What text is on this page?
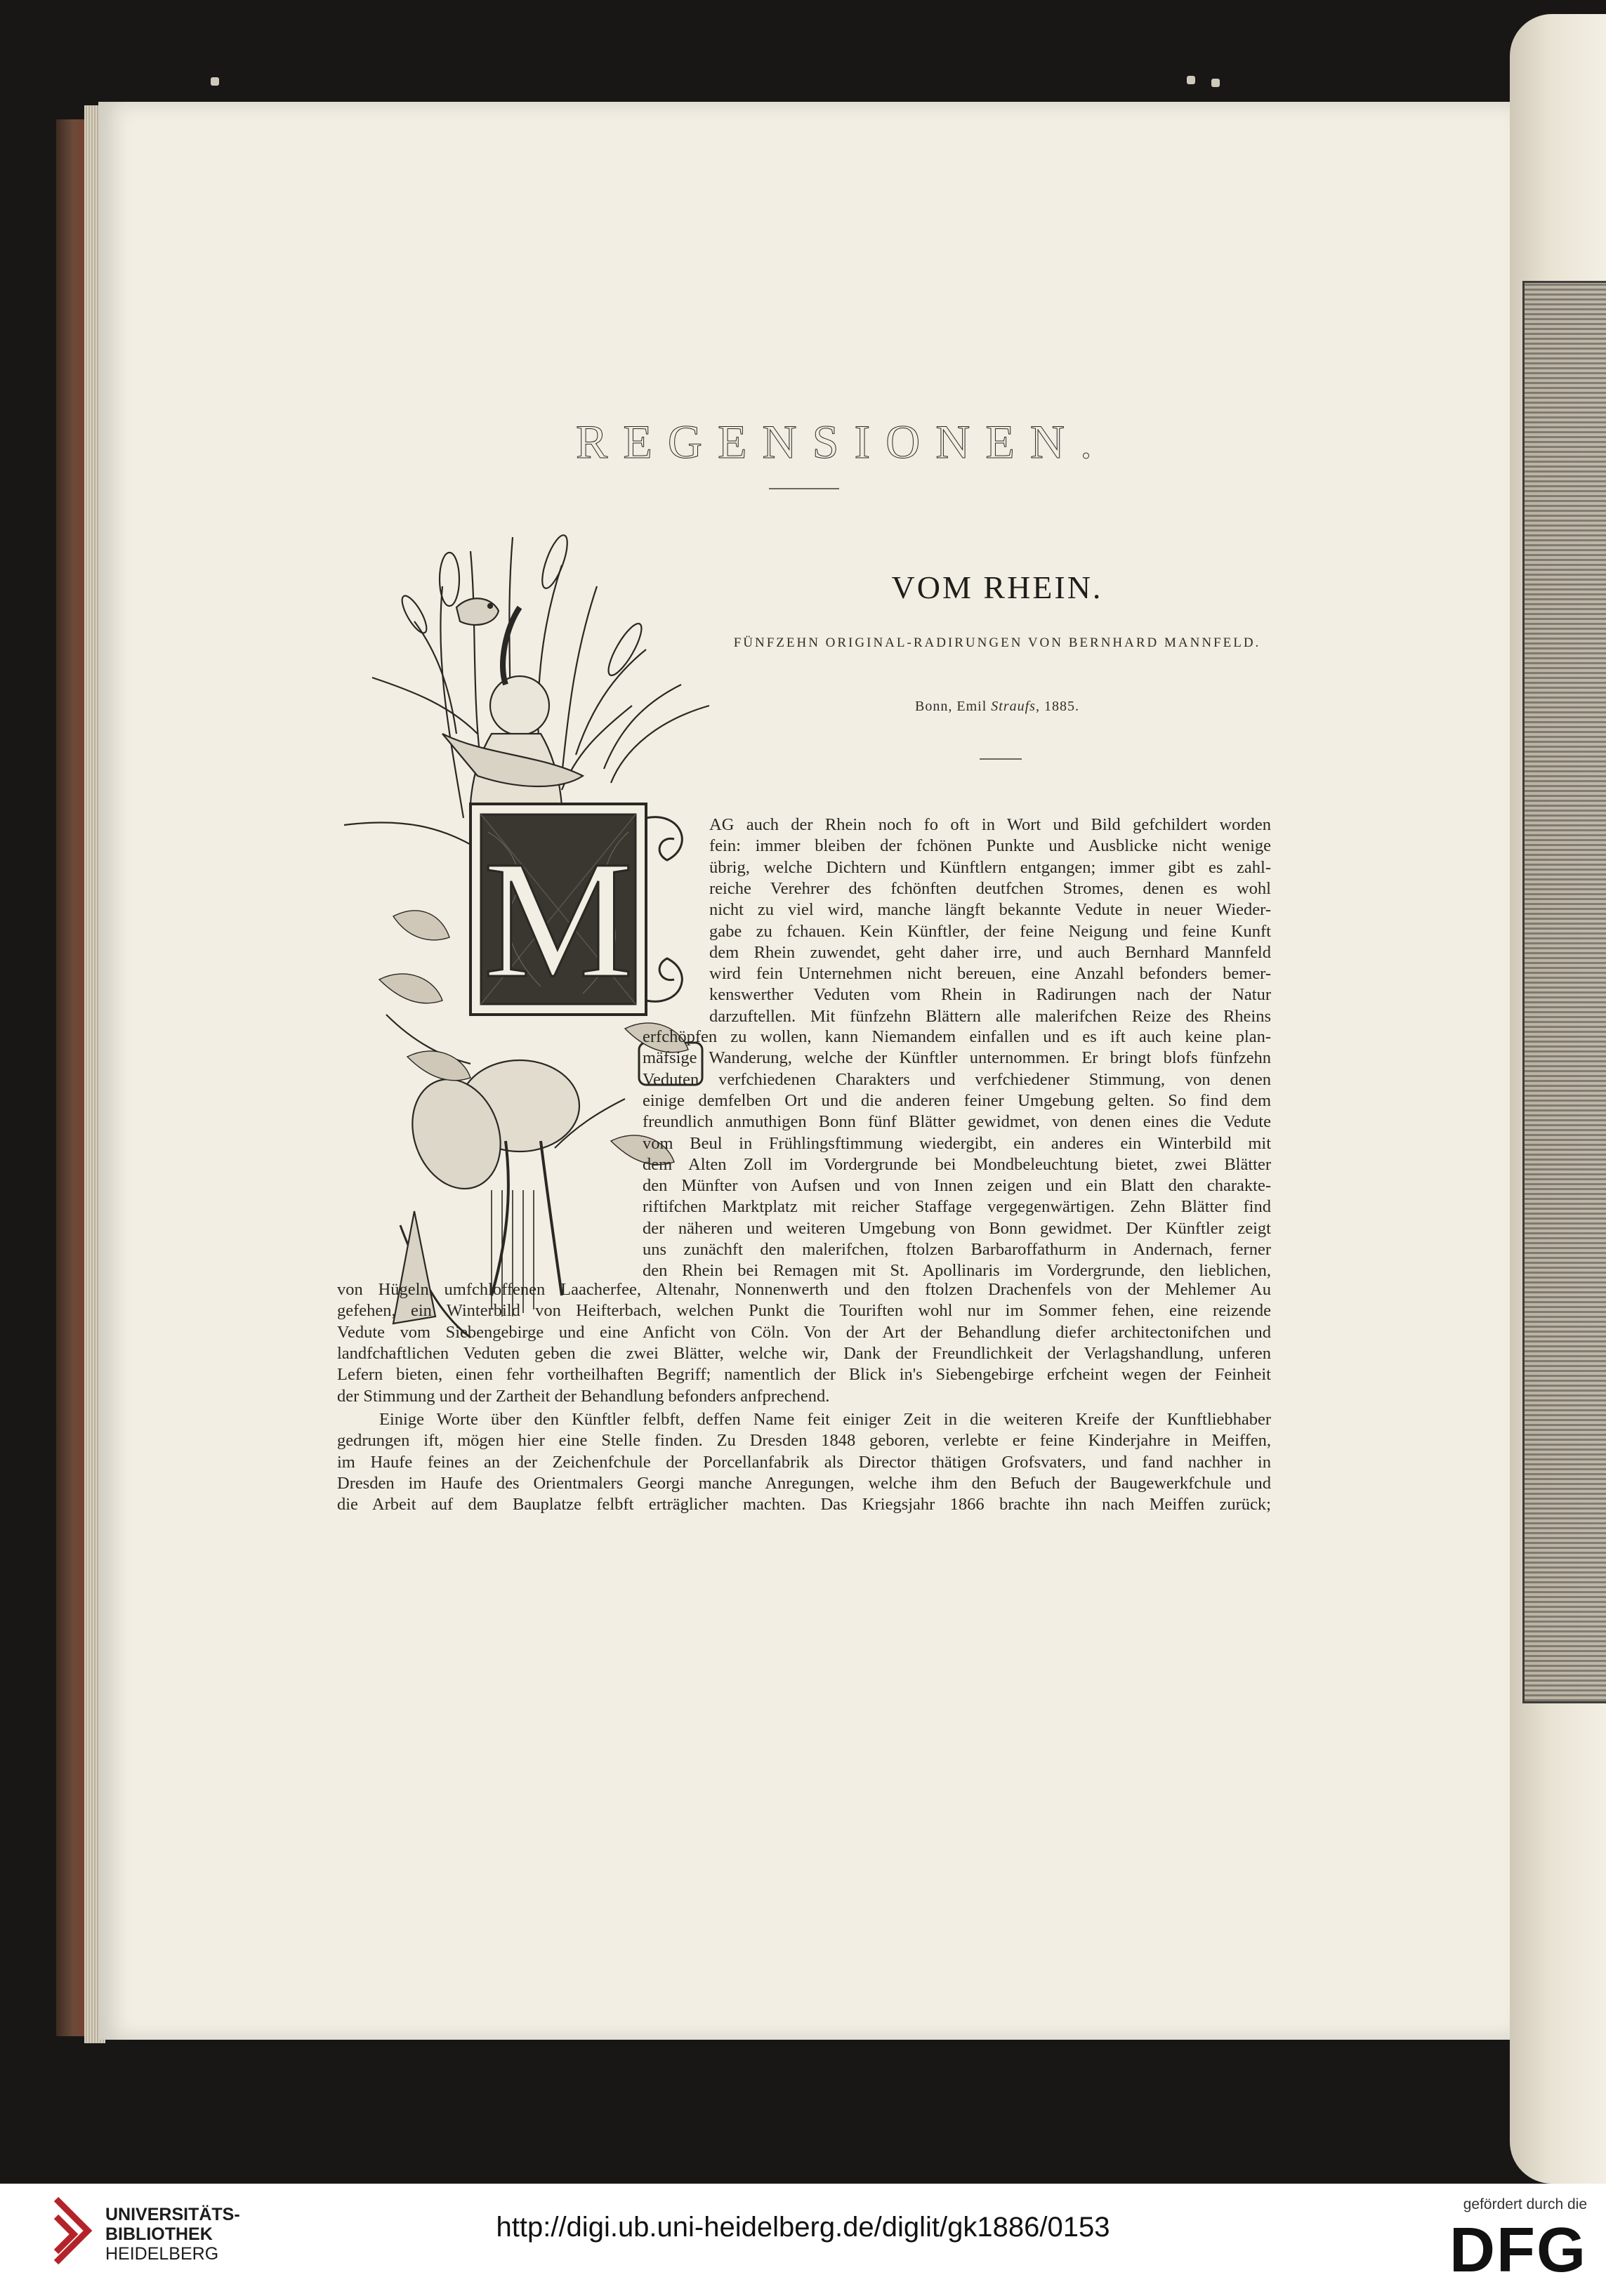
REGENSIONEN.
VOM RHEIN.
FÜNFZEHN ORIGINAL-RADIRUNGEN VON BERNHARD MANNFELD.
Bonn, Emil Straufs, 1885.
M
AG auch der Rhein noch fo oft in Wort und Bild gefchildert worden
fein: immer bleiben der fchönen Punkte und Ausblicke nicht wenige
übrig, welche Dichtern und Künftlern entgangen; immer gibt es zahl-
reiche Verehrer des fchönften deutfchen Stromes, denen es wohl
nicht zu viel wird, manche längft bekannte Vedute in neuer Wieder-
gabe zu fchauen. Kein Künftler, der feine Neigung und feine Kunft
dem Rhein zuwendet, geht daher irre, und auch Bernhard Mannfeld
wird fein Unternehmen nicht bereuen, eine Anzahl befonders bemer-
kenswerther Veduten vom Rhein in Radirungen nach der Natur
darzuftellen. Mit fünfzehn Blättern alle malerifchen Reize des Rheins
erfchöpfen zu wollen, kann Niemandem einfallen und es ift auch keine plan-
mäfsige Wanderung, welche der Künftler unternommen. Er bringt blofs fünfzehn
Veduten verfchiedenen Charakters und verfchiedener Stimmung, von denen
einige demfelben Ort und die anderen feiner Umgebung gelten. So find dem
freundlich anmuthigen Bonn fünf Blätter gewidmet, von denen eines die Vedute
vom Beul in Frühlingsftimmung wiedergibt, ein anderes ein Winterbild mit
dem Alten Zoll im Vordergrunde bei Mondbeleuchtung bietet, zwei Blätter
den Münfter von Aufsen und von Innen zeigen und ein Blatt den charakte-
riftifchen Marktplatz mit reicher Staffage vergegenwärtigen. Zehn Blätter find
der näheren und weiteren Umgebung von Bonn gewidmet. Der Künftler zeigt
uns zunächft den malerifchen, ftolzen Barbaroffathurm in Andernach, ferner
den Rhein bei Remagen mit St. Apollinaris im Vordergrunde, den lieblichen,
von Hügeln umfchloffenen Laacherfee, Altenahr, Nonnenwerth und den ftolzen Drachenfels von der Mehlemer Au
gefehen, ein Winterbild von Heifterbach, welchen Punkt die Touriften wohl nur im Sommer fehen, eine reizende
Vedute vom Siebengebirge und eine Anficht von Cöln. Von der Art der Behandlung diefer architectonifchen und
landfchaftlichen Veduten geben die zwei Blätter, welche wir, Dank der Freundlichkeit der Verlagshandlung, unferen
Lefern bieten, einen fehr vortheilhaften Begriff; namentlich der Blick in's Siebengebirge erfcheint wegen der Feinheit
der Stimmung und der Zartheit der Behandlung befonders anfprechend.
Einige Worte über den Künftler felbft, deffen Name feit einiger Zeit in die weiteren Kreife der Kunftliebhaber
gedrungen ift, mögen hier eine Stelle finden. Zu Dresden 1848 geboren, verlebte er feine Kinderjahre in Meiffen,
im Haufe feines an der Zeichenfchule der Porcellanfabrik als Director thätigen Grofsvaters, und fand nachher in
Dresden im Haufe des Orientmalers Georgi manche Anregungen, welche ihm den Befuch der Baugewerkfchule und
die Arbeit auf dem Bauplatze felbft erträglicher machten. Das Kriegsjahr 1866 brachte ihn nach Meiffen zurück;
UNIVERSITÄTS-
BIBLIOTHEK
HEIDELBERG
http://digi.ub.uni-heidelberg.de/diglit/gk1886/0153
gefördert durch die
DFG
